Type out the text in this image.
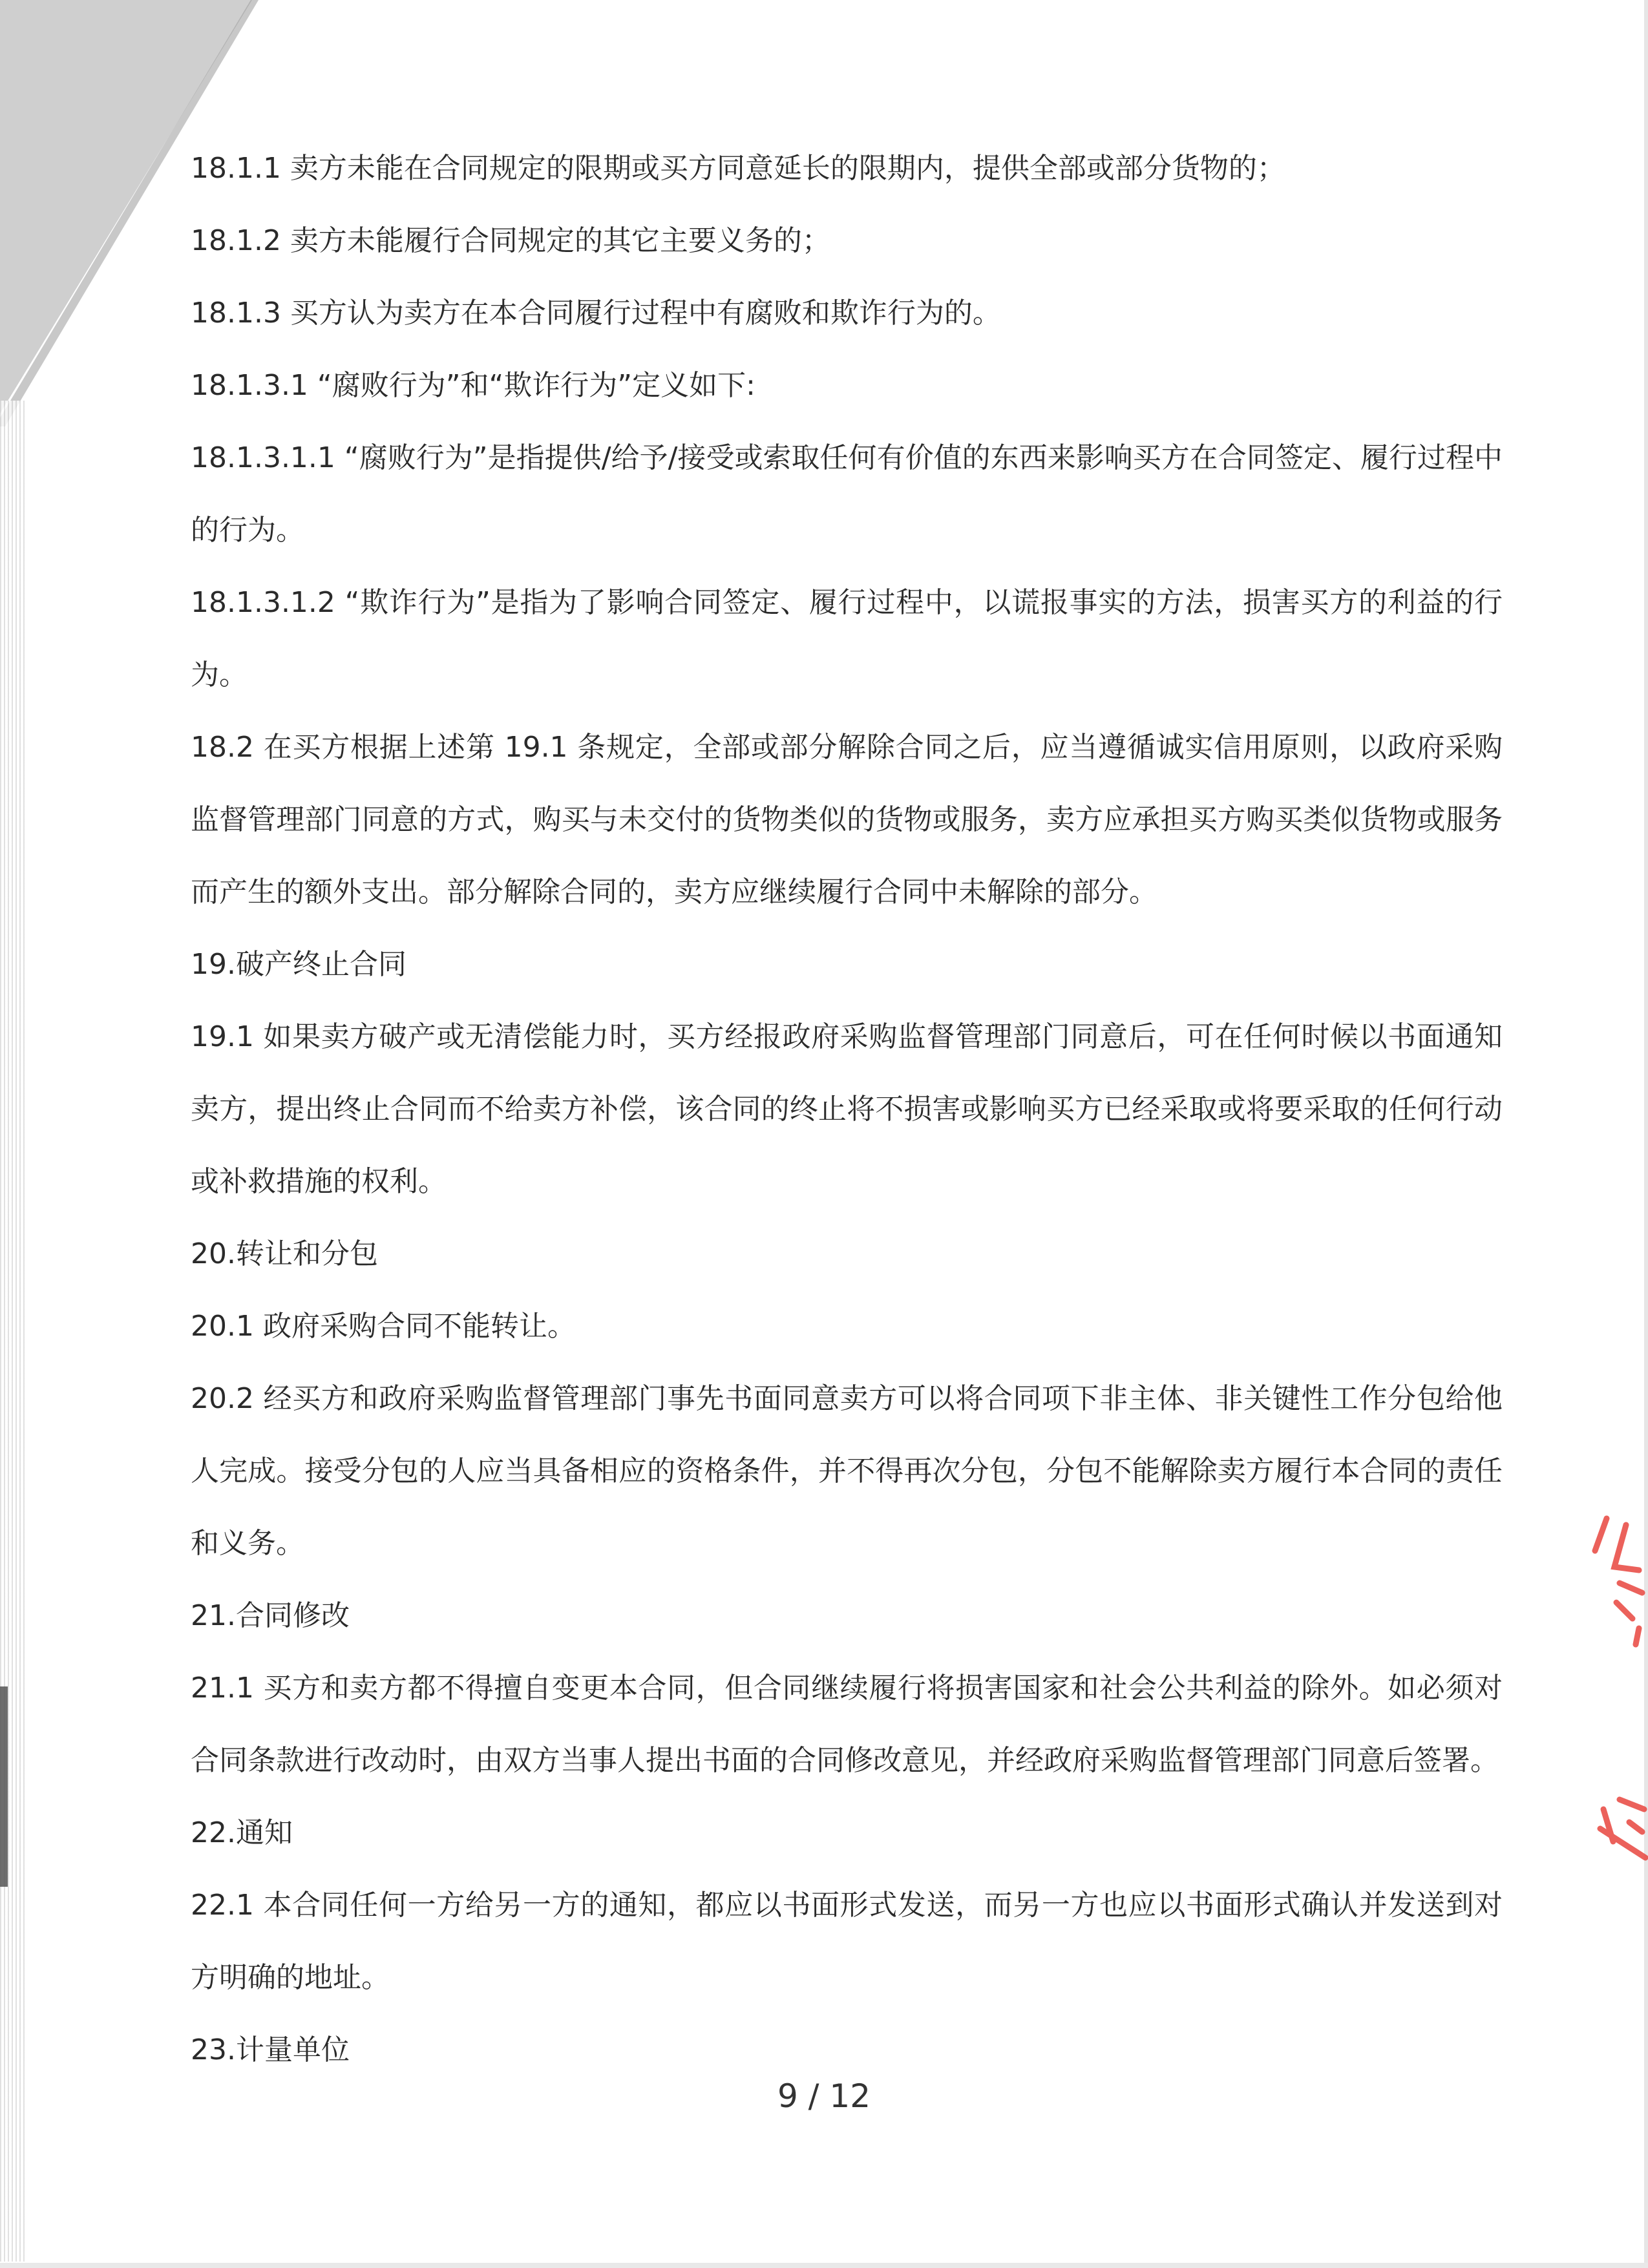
18.1.1 卖方未能在合同规定的限期或买方同意延长的限期内，提供全部或部分货物的；

18.1.2 卖方未能履行合同规定的其它主要义务的；

18.1.3 买方认为卖方在本合同履行过程中有腐败和欺诈行为的。

18.1.3.1 “腐败行为”和“欺诈行为”定义如下:

18.1.3.1.1 “腐败行为”是指提供/给予/接受或索取任何有价值的东西来影响买方在合同签定、履行过程中的行为。

18.1.3.1.2 “欺诈行为”是指为了影响合同签定、履行过程中，以谎报事实的方法，损害买方的利益的行为。

18.2 在买方根据上述第 19.1 条规定，全部或部分解除合同之后，应当遵循诚实信用原则，以政府采购监督管理部门同意的方式，购买与未交付的货物类似的货物或服务，卖方应承担买方购买类似货物或服务而产生的额外支出。部分解除合同的，卖方应继续履行合同中未解除的部分。

19.破产终止合同

19.1 如果卖方破产或无清偿能力时，买方经报政府采购监督管理部门同意后，可在任何时候以书面通知卖方，提出终止合同而不给卖方补偿，该合同的终止将不损害或影响买方已经采取或将要采取的任何行动或补救措施的权利。

20.转让和分包

20.1 政府采购合同不能转让。

20.2 经买方和政府采购监督管理部门事先书面同意卖方可以将合同项下非主体、非关键性工作分包给他人完成。接受分包的人应当具备相应的资格条件，并不得再次分包，分包不能解除卖方履行本合同的责任和义务。

21.合同修改

21.1 买方和卖方都不得擅自变更本合同，但合同继续履行将损害国家和社会公共利益的除外。如必须对合同条款进行改动时，由双方当事人提出书面的合同修改意见，并经政府采购监督管理部门同意后签署。

22.通知

22.1 本合同任何一方给另一方的通知，都应以书面形式发送，而另一方也应以书面形式确认并发送到对方明确的地址。

23.计量单位

9 / 12
